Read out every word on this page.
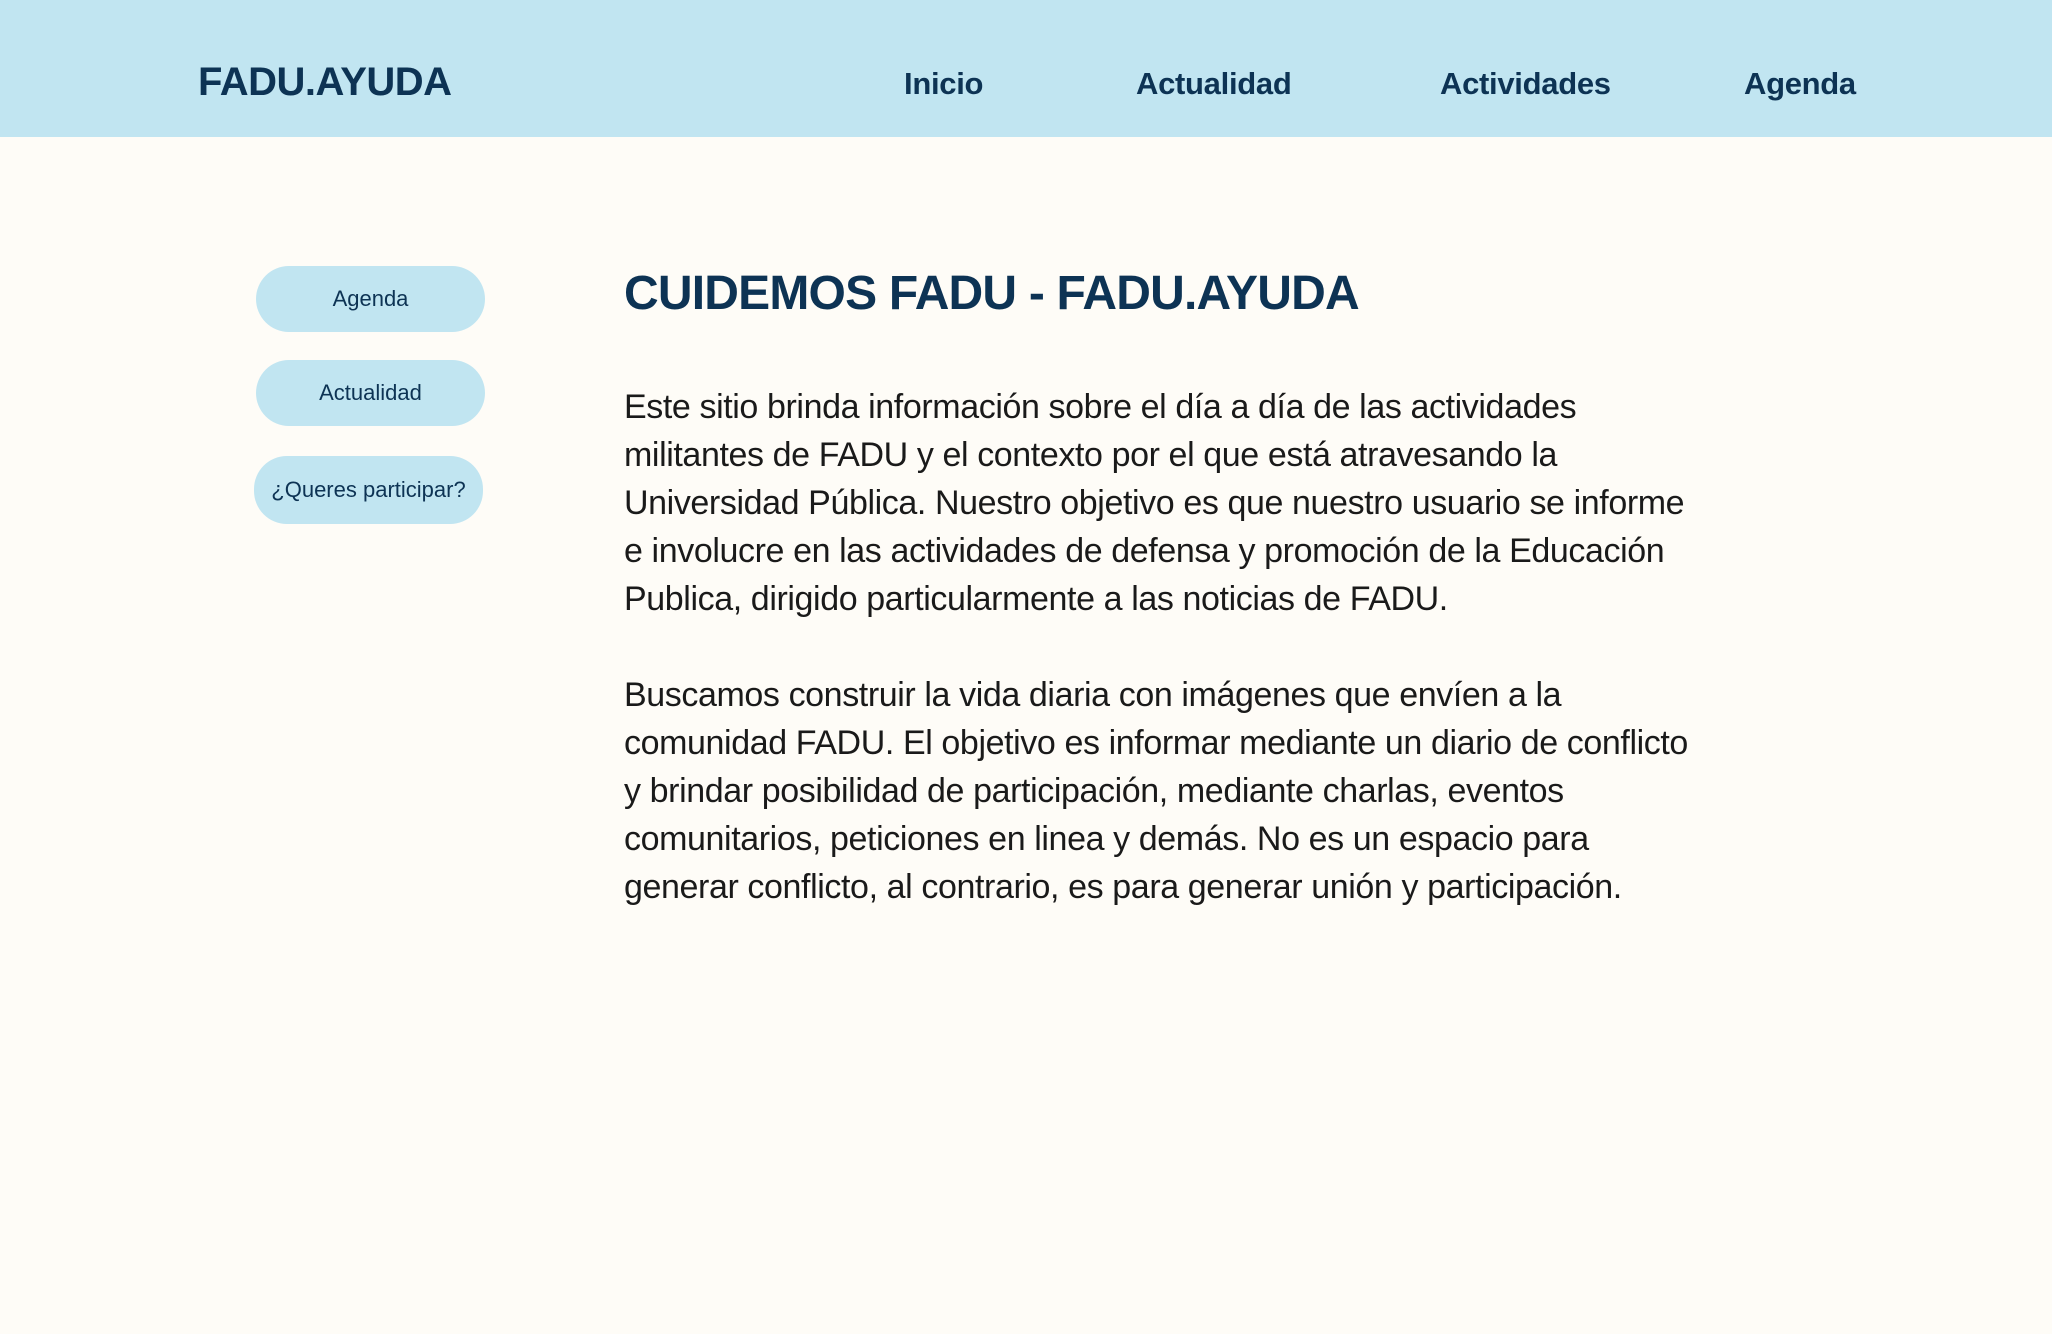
FADU.AYUDA	Inicio	Actualidad	Actividades	Agenda
Agenda
Actualidad
¿Queres participar?
CUIDEMOS FADU - FADU.AYUDA

Este sitio brinda información sobre el día a día de las actividades militantes de FADU y el contexto por el que está atravesando la Universidad Pública. Nuestro objetivo es que nuestro usuario se informe e involucre en las actividades de defensa y promoción de la Educación Publica, dirigido particularmente a las noticias de FADU.

Buscamos construir la vida diaria con imágenes que envíen a la comunidad FADU. El objetivo es informar mediante un diario de conflicto y brindar posibilidad de participación, mediante charlas, eventos comunitarios, peticiones en linea y demás. No es un espacio para generar conflicto, al contrario, es para generar unión y participación.
